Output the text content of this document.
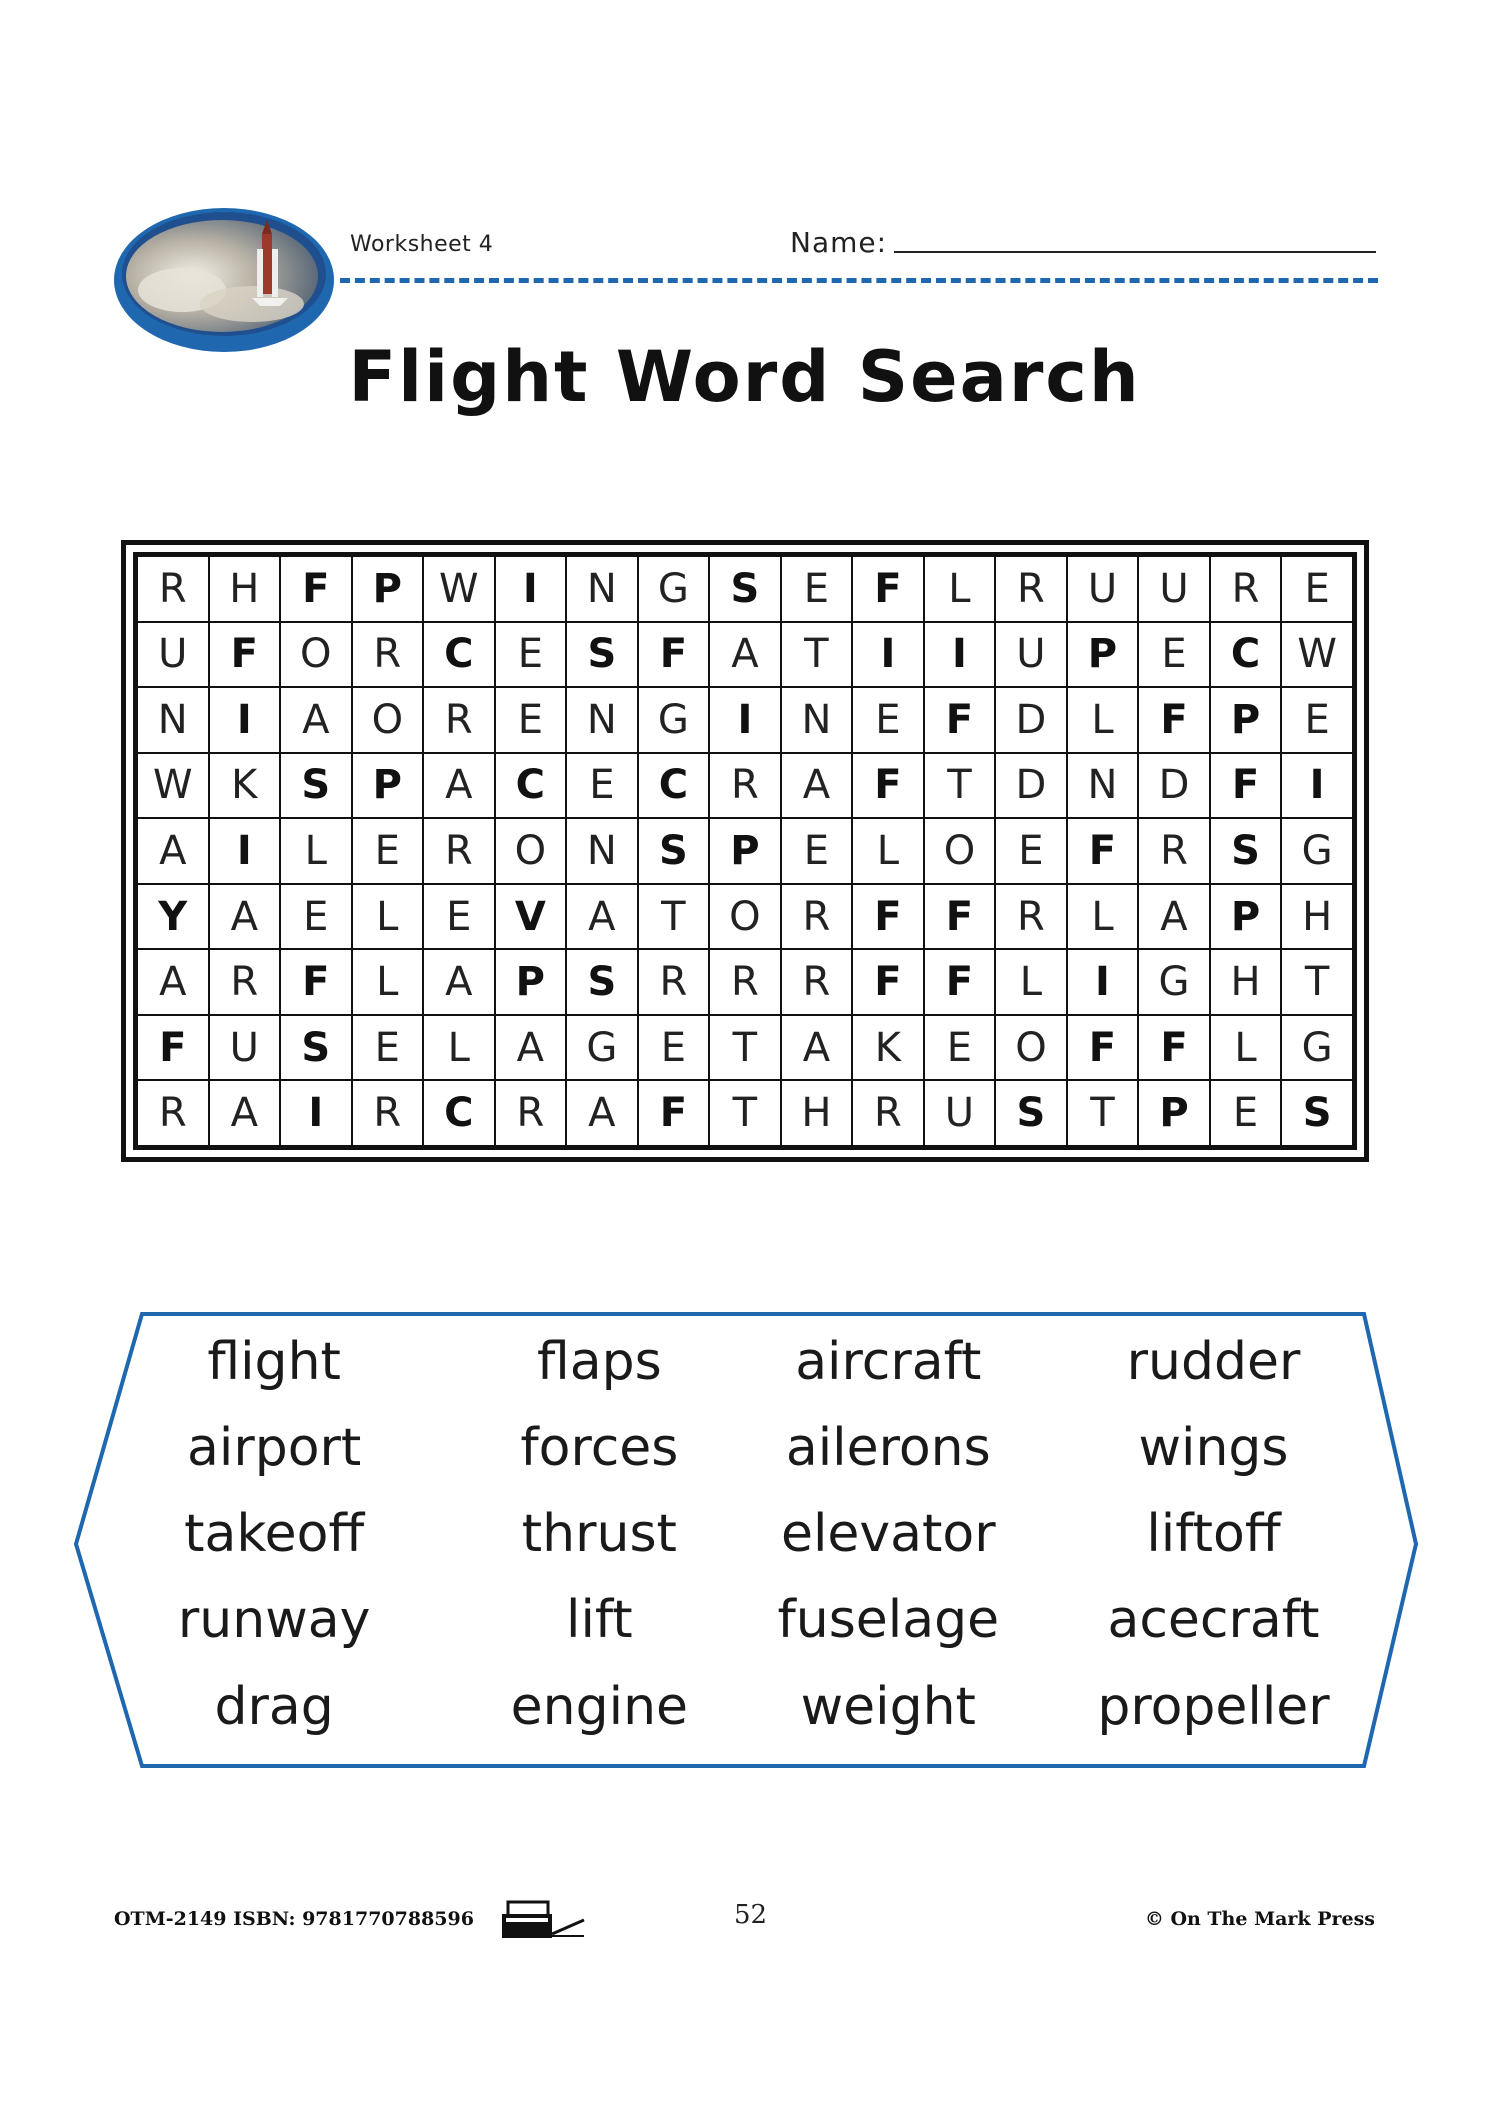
Worksheet 4	Name:
Flight Word Search
R	H	F	P	W	I	N	G	S	E	F	L	R	U	U	R	E
U	F	O	R	C	E	S	F	A	T	I	I	U	P	E	C	W
N	I	A	O	R	E	N	G	I	N	E	F	D	L	F	P	E
W	K	S	P	A	C	E	C	R	A	F	T	D	N	D	F	I
A	I	L	E	R	O	N	S	P	E	L	O	E	F	R	S	G
Y	A	E	L	E	V	A	T	O	R	F	F	R	L	A	P	H
A	R	F	L	A	P	S	R	R	R	F	F	L	I	G	H	T
F	U	S	E	L	A	G	E	T	A	K	E	O	F	F	L	G
R	A	I	R	C	R	A	F	T	H	R	U	S	T	P	E	S
flight	flaps	aircraft	rudder
airport	forces	ailerons	wings
takeoff	thrust	elevator	liftoff
runway	lift	fuselage	acecraft
drag	engine	weight	propeller
OTM-2149 ISBN: 9781770788596	52	© On The Mark Press
